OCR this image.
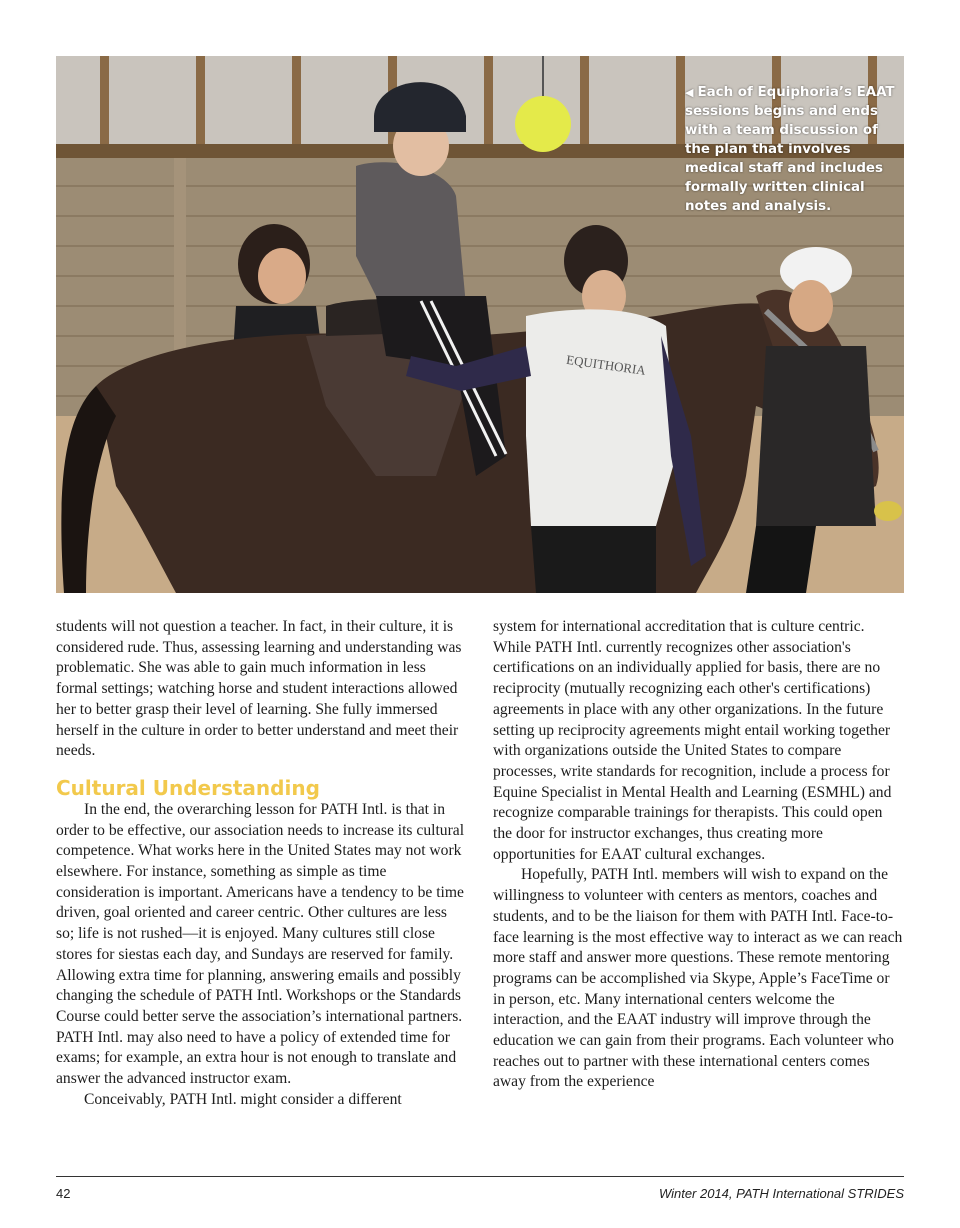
EQUITHORIA
◀ Each of Equiphoria’s EAAT sessions begins and ends with a team discussion of the plan that involves medical staff and includes formally written clinical notes and analysis.

students will not question a teacher. In fact, in their culture, it is considered rude. Thus, assessing learning and understanding was problematic. She was able to gain much information in less formal settings; watching horse and student interactions allowed her to better grasp their level of learning. She fully immersed herself in the culture in order to better understand and meet their needs.

Cultural Understanding

In the end, the overarching lesson for PATH Intl. is that in order to be effective, our association needs to increase its cultural competence. What works here in the United States may not work elsewhere. For instance, something as simple as time consideration is important. Americans have a tendency to be time driven, goal oriented and career centric. Other cultures are less so; life is not rushed—it is enjoyed. Many cultures still close stores for siestas each day, and Sundays are reserved for family. Allowing extra time for planning, answering emails and possibly changing the schedule of PATH Intl. Workshops or the Standards Course could better serve the association’s international partners. PATH Intl. may also need to have a policy of extended time for exams; for example, an extra hour is not enough to translate and answer the advanced instructor exam.

Conceivably, PATH Intl. might consider a different

system for international accreditation that is culture centric. While PATH Intl. currently recognizes other association's certifications on an individually applied for basis, there are no reciprocity (mutually recognizing each other's certifications) agreements in place with any other organizations. In the future setting up reciprocity agreements might entail working together with organizations outside the United States to compare processes, write standards for recognition, include a process for Equine Specialist in Mental Health and Learning (ESMHL) and recognize comparable trainings for therapists. This could open the door for instructor exchanges, thus creating more opportunities for EAAT cultural exchanges.

Hopefully, PATH Intl. members will wish to expand on the willingness to volunteer with centers as mentors, coaches and students, and to be the liaison for them with PATH Intl. Face-to-face learning is the most effective way to interact as we can reach more staff and answer more questions. These remote mentoring programs can be accomplished via Skype, Apple’s FaceTime or in person, etc. Many international centers welcome the interaction, and the EAAT industry will improve through the education we can gain from their programs. Each volunteer who reaches out to partner with these international centers comes away from the experience

42	Winter 2014, PATH International STRIDES
